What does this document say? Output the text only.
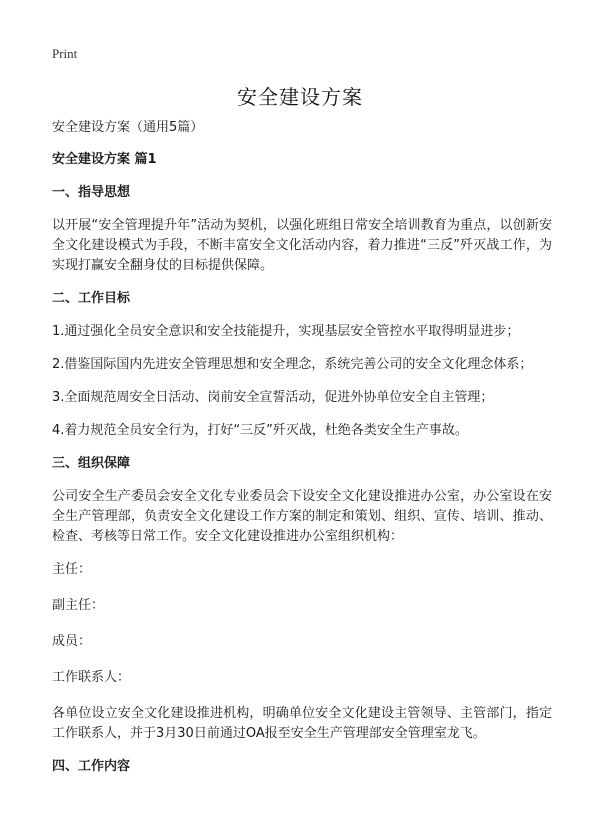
Print
安全建设方案

安全建设方案（通用5篇）

安全建设方案 篇1

一、指导思想

以开展“安全管理提升年”活动为契机，以强化班组日常安全培训教育为重点，以创新安全文化建设模式为手段，不断丰富安全文化活动内容，着力推进“三反”歼灭战工作，为实现打赢安全翻身仗的目标提供保障。

二、工作目标

1.通过强化全员安全意识和安全技能提升，实现基层安全管控水平取得明显进步；

2.借鉴国际国内先进安全管理思想和安全理念，系统完善公司的安全文化理念体系；

3.全面规范周安全日活动、岗前安全宣誓活动，促进外协单位安全自主管理；

4.着力规范全员安全行为，打好“三反”歼灭战，杜绝各类安全生产事故。

三、组织保障

公司安全生产委员会安全文化专业委员会下设安全文化建设推进办公室，办公室设在安全生产管理部，负责安全文化建设工作方案的制定和策划、组织、宣传、培训、推动、检查、考核等日常工作。安全文化建设推进办公室组织机构：

主任：

副主任：

成员：

工作联系人：

各单位设立安全文化建设推进机构，明确单位安全文化建设主管领导、主管部门，指定工作联系人，并于3月30日前通过OA报至安全生产管理部安全管理室龙飞。

四、工作内容
